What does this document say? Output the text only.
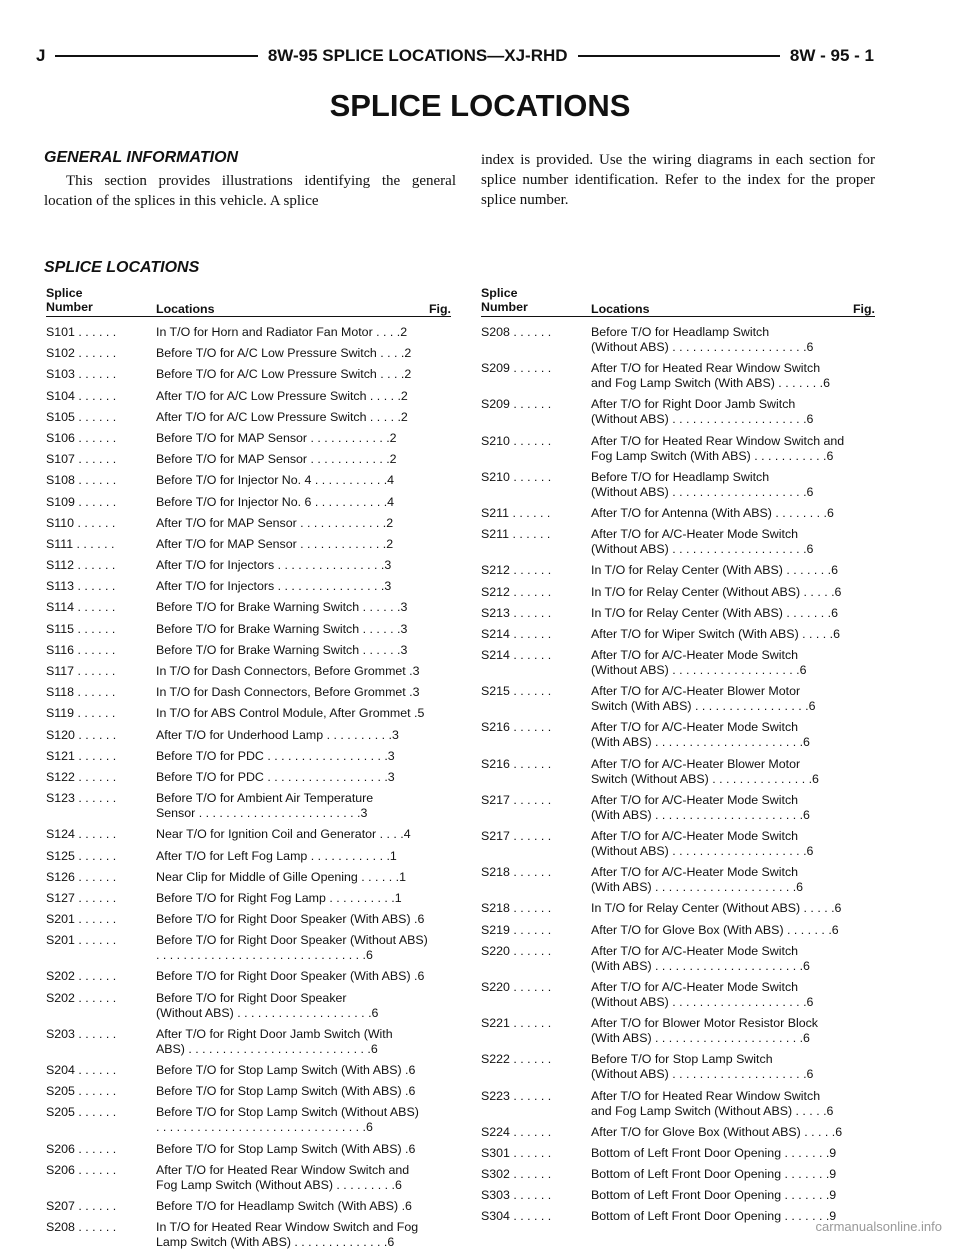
J	8W-95 SPLICE LOCATIONS—XJ-RHD	8W - 95 - 1
SPLICE LOCATIONS
GENERAL INFORMATION
This section provides illustrations identifying the general location of the splices in this vehicle. A splice
index is provided. Use the wiring diagrams in each section for splice number identification. Refer to the index for the proper splice number.
SPLICE LOCATIONS
Splice
Number	Locations	Fig.
S101 . . . . . .	In T/O for Horn and Radiator Fan Motor . . . .2
S102 . . . . . .	Before T/O for A/C Low Pressure Switch . . . .2
S103 . . . . . .	Before T/O for A/C Low Pressure Switch . . . .2
S104 . . . . . .	After T/O for A/C Low Pressure Switch . . . . .2
S105 . . . . . .	After T/O for A/C Low Pressure Switch . . . . .2
S106 . . . . . .	Before T/O for MAP Sensor . . . . . . . . . . . .2
S107 . . . . . .	Before T/O for MAP Sensor . . . . . . . . . . . .2
S108 . . . . . .	Before T/O for Injector No. 4 . . . . . . . . . . .4
S109 . . . . . .	Before T/O for Injector No. 6 . . . . . . . . . . .4
S110 . . . . . .	After T/O for MAP Sensor . . . . . . . . . . . . .2
S111 . . . . . .	After T/O for MAP Sensor . . . . . . . . . . . . .2
S112 . . . . . .	After T/O for Injectors . . . . . . . . . . . . . . . .3
S113 . . . . . .	After T/O for Injectors . . . . . . . . . . . . . . . .3
S114 . . . . . .	Before T/O for Brake Warning Switch . . . . . .3
S115 . . . . . .	Before T/O for Brake Warning Switch . . . . . .3
S116 . . . . . .	Before T/O for Brake Warning Switch . . . . . .3
S117 . . . . . .	In T/O for Dash Connectors, Before Grommet .3
S118 . . . . . .	In T/O for Dash Connectors, Before Grommet .3
S119 . . . . . .	In T/O for ABS Control Module, After Grommet .5
S120 . . . . . .	After T/O for Underhood Lamp . . . . . . . . . .3
S121 . . . . . .	Before T/O for PDC . . . . . . . . . . . . . . . . . .3
S122 . . . . . .	Before T/O for PDC . . . . . . . . . . . . . . . . . .3
S123 . . . . . .	Before T/O for Ambient Air Temperature
Sensor . . . . . . . . . . . . . . . . . . . . . . . .3
S124 . . . . . .	Near T/O for Ignition Coil and Generator . . . .4
S125 . . . . . .	After T/O for Left Fog Lamp . . . . . . . . . . . .1
S126 . . . . . .	Near Clip for Middle of Gille Opening . . . . . .1
S127 . . . . . .	Before T/O for Right Fog Lamp . . . . . . . . . .1
S201 . . . . . .	Before T/O for Right Door Speaker (With ABS) .6
S201 . . . . . .	Before T/O for Right Door Speaker (Without ABS)
. . . . . . . . . . . . . . . . . . . . . . . . . . . . . . .6
S202 . . . . . .	Before T/O for Right Door Speaker (With ABS) .6
S202 . . . . . .	Before T/O for Right Door Speaker
(Without ABS) . . . . . . . . . . . . . . . . . . . .6
S203 . . . . . .	After T/O for Right Door Jamb Switch (With
ABS) . . . . . . . . . . . . . . . . . . . . . . . . . . .6
S204 . . . . . .	Before T/O for Stop Lamp Switch (With ABS) .6
S205 . . . . . .	Before T/O for Stop Lamp Switch (With ABS) .6
S205 . . . . . .	Before T/O for Stop Lamp Switch (Without ABS)
. . . . . . . . . . . . . . . . . . . . . . . . . . . . . . .6
S206 . . . . . .	Before T/O for Stop Lamp Switch (With ABS) .6
S206 . . . . . .	After T/O for Heated Rear Window Switch and
Fog Lamp Switch (Without ABS) . . . . . . . . .6
S207 . . . . . .	Before T/O for Headlamp Switch (With ABS) .6
S208 . . . . . .	In T/O for Heated Rear Window Switch and Fog
Lamp Switch (With ABS) . . . . . . . . . . . . . .6
Splice
Number	Locations	Fig.
S208 . . . . . .	Before T/O for Headlamp Switch
(Without ABS) . . . . . . . . . . . . . . . . . . . .6
S209 . . . . . .	After T/O for Heated Rear Window Switch
and Fog Lamp Switch (With ABS) . . . . . . .6
S209 . . . . . .	After T/O for Right Door Jamb Switch
(Without ABS) . . . . . . . . . . . . . . . . . . . .6
S210 . . . . . .	After T/O for Heated Rear Window Switch and
Fog Lamp Switch (With ABS) . . . . . . . . . . .6
S210 . . . . . .	Before T/O for Headlamp Switch
(Without ABS) . . . . . . . . . . . . . . . . . . . .6
S211 . . . . . .	After T/O for Antenna (With ABS) . . . . . . . .6
S211 . . . . . .	After T/O for A/C-Heater Mode Switch
(Without ABS) . . . . . . . . . . . . . . . . . . . .6
S212 . . . . . .	In T/O for Relay Center (With ABS) . . . . . . .6
S212 . . . . . .	In T/O for Relay Center (Without ABS) . . . . .6
S213 . . . . . .	In T/O for Relay Center (With ABS) . . . . . . .6
S214 . . . . . .	After T/O for Wiper Switch (With ABS) . . . . .6
S214 . . . . . .	After T/O for A/C-Heater Mode Switch
(Without ABS) . . . . . . . . . . . . . . . . . . .6
S215 . . . . . .	After T/O for A/C-Heater Blower Motor
Switch (With ABS) . . . . . . . . . . . . . . . . .6
S216 . . . . . .	After T/O for A/C-Heater Mode Switch
(With ABS) . . . . . . . . . . . . . . . . . . . . . .6
S216 . . . . . .	After T/O for A/C-Heater Blower Motor
Switch (Without ABS) . . . . . . . . . . . . . . .6
S217 . . . . . .	After T/O for A/C-Heater Mode Switch
(With ABS) . . . . . . . . . . . . . . . . . . . . . .6
S217 . . . . . .	After T/O for A/C-Heater Mode Switch
(Without ABS) . . . . . . . . . . . . . . . . . . . .6
S218 . . . . . .	After T/O for A/C-Heater Mode Switch
(With ABS) . . . . . . . . . . . . . . . . . . . . .6
S218 . . . . . .	In T/O for Relay Center (Without ABS) . . . . .6
S219 . . . . . .	After T/O for Glove Box (With ABS) . . . . . . .6
S220 . . . . . .	After T/O for A/C-Heater Mode Switch
(With ABS) . . . . . . . . . . . . . . . . . . . . . .6
S220 . . . . . .	After T/O for A/C-Heater Mode Switch
(Without ABS) . . . . . . . . . . . . . . . . . . . .6
S221 . . . . . .	After T/O for Blower Motor Resistor Block
(With ABS) . . . . . . . . . . . . . . . . . . . . . .6
S222 . . . . . .	Before T/O for Stop Lamp Switch
(Without ABS) . . . . . . . . . . . . . . . . . . . .6
S223 . . . . . .	After T/O for Heated Rear Window Switch
and Fog Lamp Switch (Without ABS) . . . . .6
S224 . . . . . .	After T/O for Glove Box (Without ABS) . . . . .6
S301 . . . . . .	Bottom of Left Front Door Opening . . . . . . .9
S302 . . . . . .	Bottom of Left Front Door Opening . . . . . . .9
S303 . . . . . .	Bottom of Left Front Door Opening . . . . . . .9
S304 . . . . . .	Bottom of Left Front Door Opening . . . . . . .9
carmanualsonline.info
